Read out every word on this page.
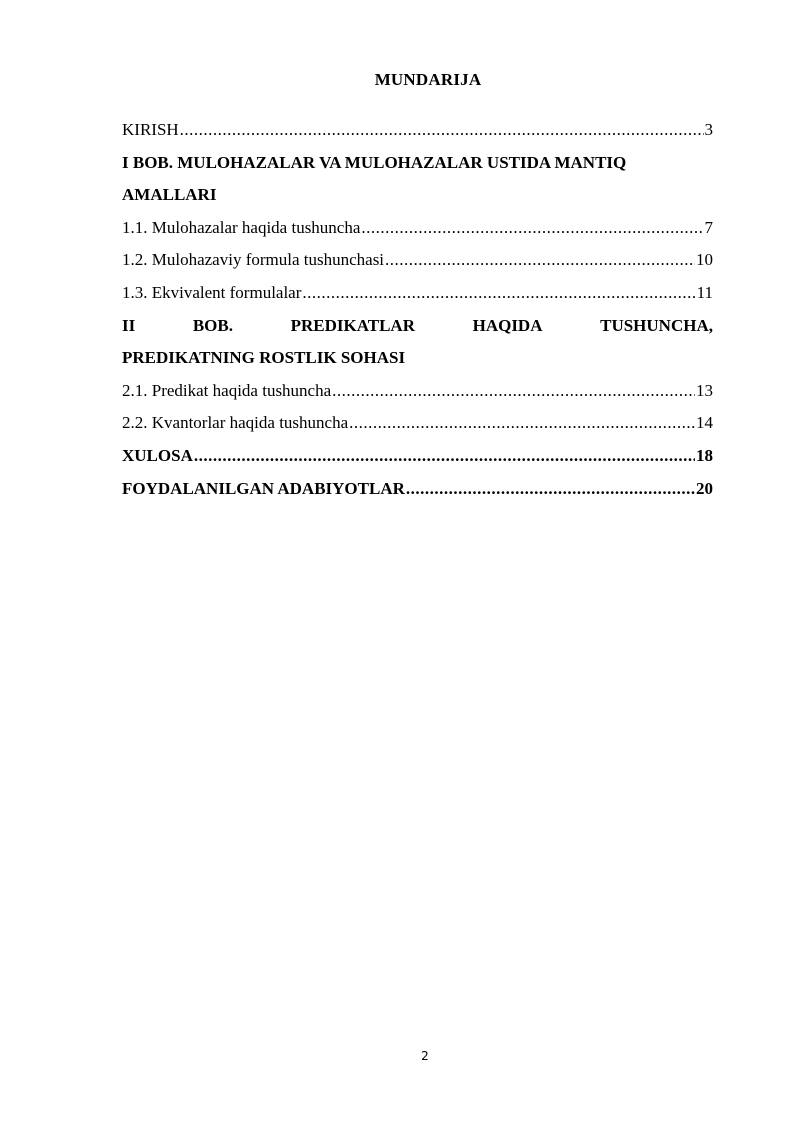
MUNDARIJA
KIRISH .....	3
I BOB. MULOHAZALAR VA MULOHAZALAR USTIDA MANTIQ
AMALLARI
1.1. Mulohazalar haqida tushuncha .....	7
1.2. Mulohazaviy formula tushunchasi .....	10
1.3. Ekvivalent formulalar .....	11
II	BOB.	PREDIKATLAR	HAQIDA	TUSHUNCHA,
PREDIKATNING ROSTLIK SOHASI
2.1. Predikat haqida tushuncha .....	13
2.2. Kvantorlar haqida tushuncha .....	14
XULOSA .....	18
FOYDALANILGAN ADABIYOTLAR .....	20
2
